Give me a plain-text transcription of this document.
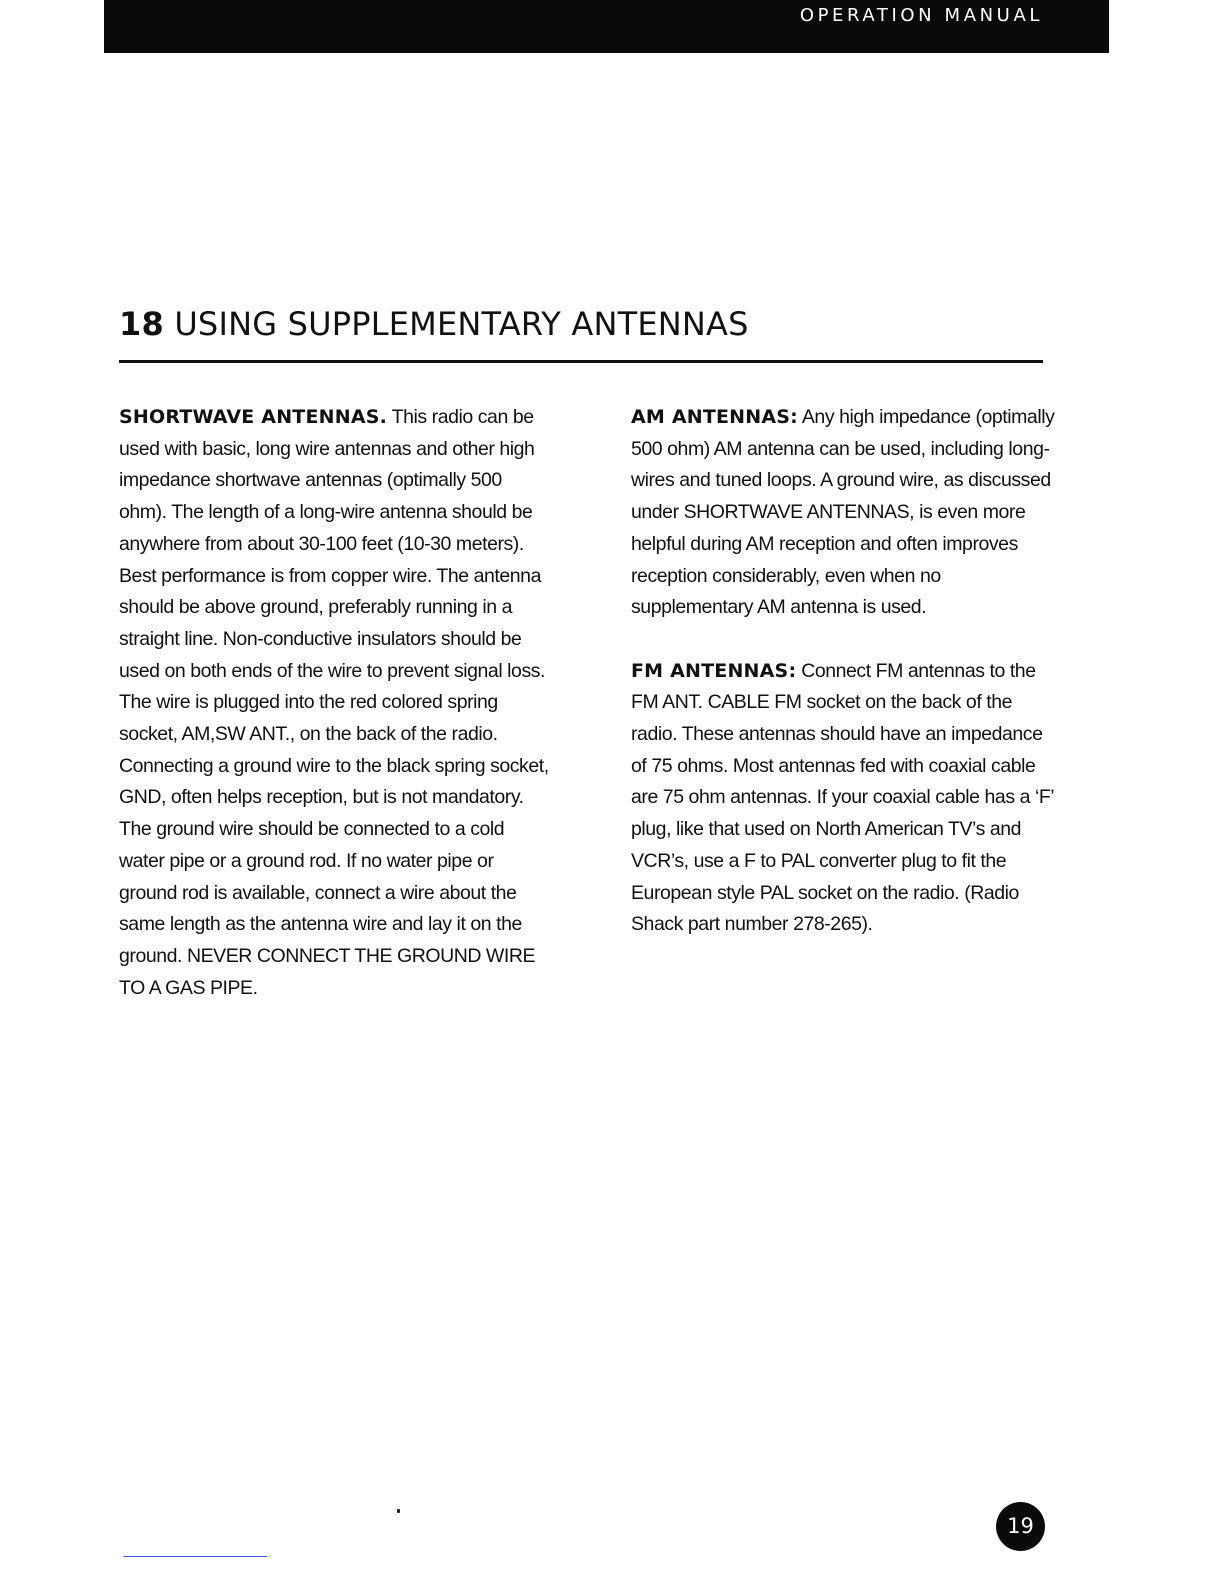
OPERATION MANUAL
18 USING SUPPLEMENTARY ANTENNAS

SHORTWAVE ANTENNAS. This radio can be used with basic, long wire antennas and other high impedance shortwave antennas (optimally 500 ohm). The length of a long-wire antenna should be anywhere from about 30-100 feet (10-30 meters). Best performance is from copper wire. The antenna should be above ground, preferably running in a straight line. Non-conductive insulators should be used on both ends of the wire to prevent signal loss. The wire is plugged into the red colored spring socket, AM,SW ANT., on the back of the radio. Connecting a ground wire to the black spring socket, GND, often helps reception, but is not mandatory. The ground wire should be connected to a cold water pipe or a ground rod. If no water pipe or ground rod is available, connect a wire about the same length as the antenna wire and lay it on the ground. NEVER CONNECT THE GROUND WIRE TO A GAS PIPE.

AM ANTENNAS: Any high impedance (optimally 500 ohm) AM antenna can be used, including long-wires and tuned loops. A ground wire, as discussed under SHORTWAVE ANTENNAS, is even more helpful during AM reception and often improves reception considerably, even when no supplementary AM antenna is used.

FM ANTENNAS: Connect FM antennas to the FM ANT. CABLE FM socket on the back of the radio. These antennas should have an impedance of 75 ohms. Most antennas fed with coaxial cable are 75 ohm antennas. If your coaxial cable has a ‘F’ plug, like that used on North American TV’s and VCR’s, use a F to PAL converter plug to fit the European style PAL socket on the radio. (Radio Shack part number 278-265).

19
